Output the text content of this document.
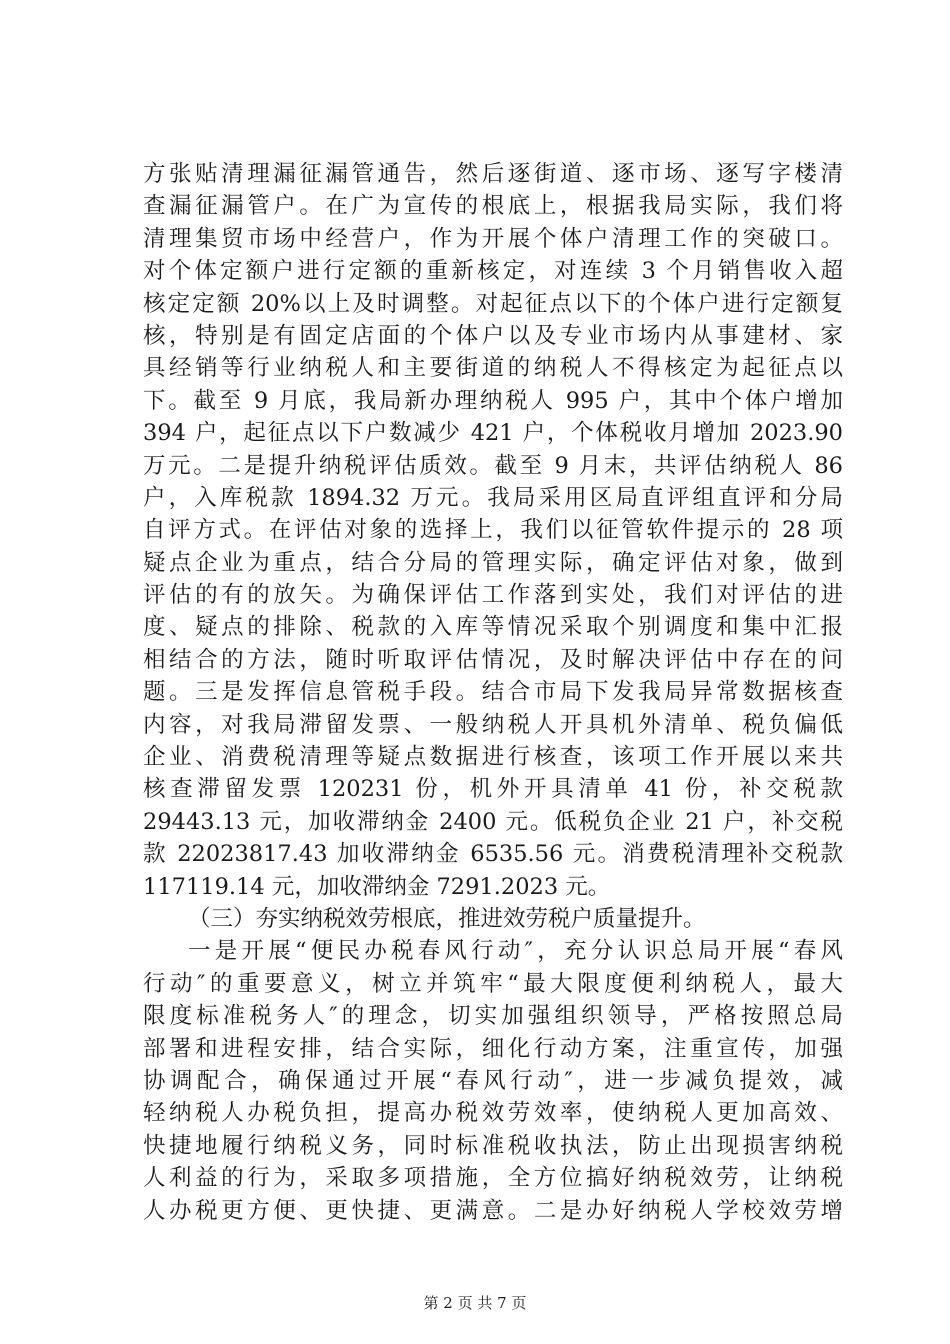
方张贴清理漏征漏管通告，然后逐街道、逐市场、逐写字楼清
查漏征漏管户。在广为宣传的根底上，根据我局实际，我们将
清理集贸市场中经营户，作为开展个体户清理工作的突破口。
对个体定额户进行定额的重新核定，对连续 3 个月销售收入超
核定定额 20%以上及时调整。对起征点以下的个体户进行定额复
核，特别是有固定店面的个体户以及专业市场内从事建材、家
具经销等行业纳税人和主要街道的纳税人不得核定为起征点以
下。截至 9 月底，我局新办理纳税人 995 户，其中个体户增加
394 户，起征点以下户数减少 421 户，个体税收月增加 2023.90
万元。二是提升纳税评估质效。截至 9 月末，共评估纳税人 86
户，入库税款 1894.32 万元。我局采用区局直评组直评和分局
自评方式。在评估对象的选择上，我们以征管软件提示的 28 项
疑点企业为重点，结合分局的管理实际，确定评估对象，做到
评估的有的放矢。为确保评估工作落到实处，我们对评估的进
度、疑点的排除、税款的入库等情况采取个别调度和集中汇报
相结合的方法，随时听取评估情况，及时解决评估中存在的问
题。三是发挥信息管税手段。结合市局下发我局异常数据核查
内容，对我局滞留发票、一般纳税人开具机外清单、税负偏低
企业、消费税清理等疑点数据进行核查，该项工作开展以来共
核查滞留发票 120231 份，机外开具清单 41 份，补交税款
29443.13 元，加收滞纳金 2400 元。低税负企业 21 户，补交税
款 22023817.43 加收滞纳金 6535.56 元。消费税清理补交税款
117119.14 元，加收滞纳金 7291.2023 元。
（三）夯实纳税效劳根底，推进效劳税户质量提升。
一是开展“便民办税春风行动″，充分认识总局开展“春风
行动″的重要意义，树立并筑牢“最大限度便利纳税人，最大
限度标准税务人″的理念，切实加强组织领导，严格按照总局
部署和进程安排，结合实际，细化行动方案，注重宣传，加强
协调配合，确保通过开展“春风行动″，进一步减负提效，减
轻纳税人办税负担，提高办税效劳效率，使纳税人更加高效、
快捷地履行纳税义务，同时标准税收执法，防止出现损害纳税
人利益的行为，采取多项措施，全方位搞好纳税效劳，让纳税
人办税更方便、更快捷、更满意。二是办好纳税人学校效劳增
第 2 页 共 7 页
